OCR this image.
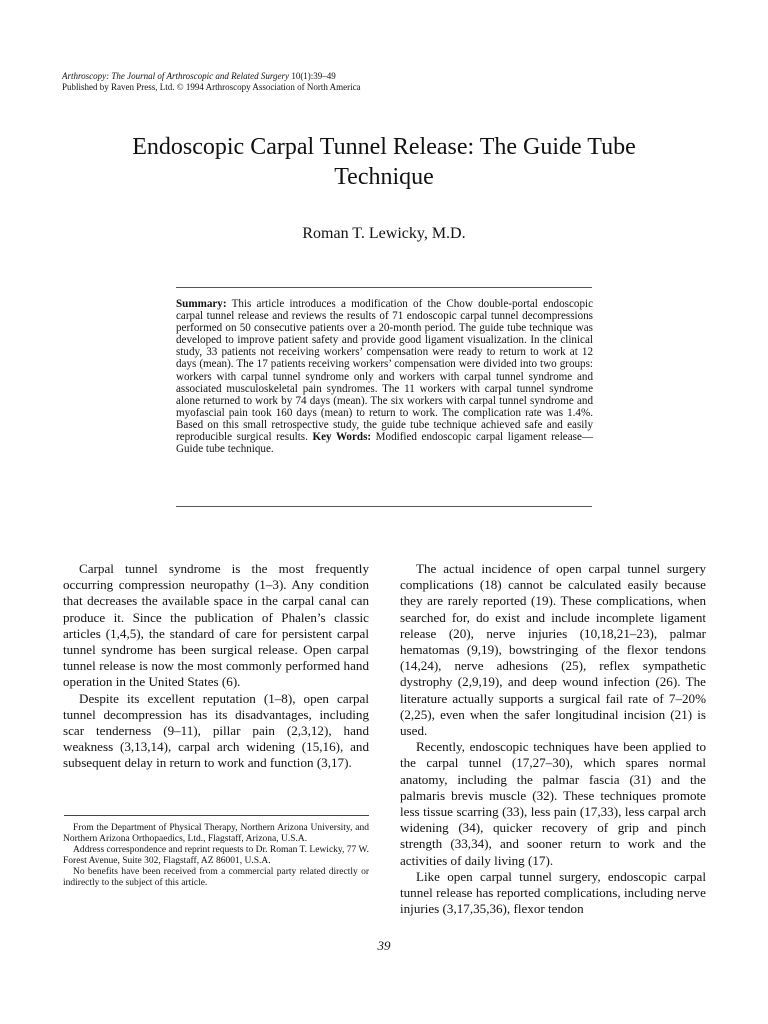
Arthroscopy: The Journal of Arthroscopic and Related Surgery 10(1):39–49
Published by Raven Press, Ltd. © 1994 Arthroscopy Association of North America
Endoscopic Carpal Tunnel Release: The Guide Tube Technique
Roman T. Lewicky, M.D.
Summary: This article introduces a modification of the Chow double-portal endoscopic carpal tunnel release and reviews the results of 71 endoscopic carpal tunnel decompressions performed on 50 consecutive patients over a 20-month period. The guide tube technique was developed to improve patient safety and provide good ligament visualization. In the clinical study, 33 patients not receiving workers’ compensation were ready to return to work at 12 days (mean). The 17 patients receiving workers’ compensation were divided into two groups: workers with carpal tunnel syndrome only and workers with carpal tunnel syndrome and associated musculoskeletal pain syndromes. The 11 workers with carpal tunnel syndrome alone returned to work by 74 days (mean). The six workers with carpal tunnel syndrome and myofascial pain took 160 days (mean) to return to work. The complication rate was 1.4%. Based on this small retrospective study, the guide tube technique achieved safe and easily reproducible surgical results. Key Words: Modified endoscopic carpal ligament release—Guide tube technique.

Carpal tunnel syndrome is the most frequently occurring compression neuropathy (1–3). Any condition that decreases the available space in the carpal canal can produce it. Since the publication of Phalen’s classic articles (1,4,5), the standard of care for persistent carpal tunnel syndrome has been surgical release. Open carpal tunnel release is now the most commonly performed hand operation in the United States (6).

Despite its excellent reputation (1–8), open carpal tunnel decompression has its disadvantages, including scar tenderness (9–11), pillar pain (2,3,12), hand weakness (3,13,14), carpal arch widening (15,16), and subsequent delay in return to work and function (3,17).

From the Department of Physical Therapy, Northern Arizona University, and Northern Arizona Orthopaedics, Ltd., Flagstaff, Arizona, U.S.A.

Address correspondence and reprint requests to Dr. Roman T. Lewicky, 77 W. Forest Avenue, Suite 302, Flagstaff, AZ 86001, U.S.A.

No benefits have been received from a commercial party related directly or indirectly to the subject of this article.

The actual incidence of open carpal tunnel surgery complications (18) cannot be calculated easily because they are rarely reported (19). These complications, when searched for, do exist and include incomplete ligament release (20), nerve injuries (10,18,21–23), palmar hematomas (9,19), bowstringing of the flexor tendons (14,24), nerve adhesions (25), reflex sympathetic dystrophy (2,9,19), and deep wound infection (26). The literature actually supports a surgical fail rate of 7–20% (2,25), even when the safer longitudinal incision (21) is used.

Recently, endoscopic techniques have been applied to the carpal tunnel (17,27–30), which spares normal anatomy, including the palmar fascia (31) and the palmaris brevis muscle (32). These techniques promote less tissue scarring (33), less pain (17,33), less carpal arch widening (34), quicker recovery of grip and pinch strength (33,34), and sooner return to work and the activities of daily living (17).

Like open carpal tunnel surgery, endoscopic carpal tunnel release has reported complications, including nerve injuries (3,17,35,36), flexor tendon

39
